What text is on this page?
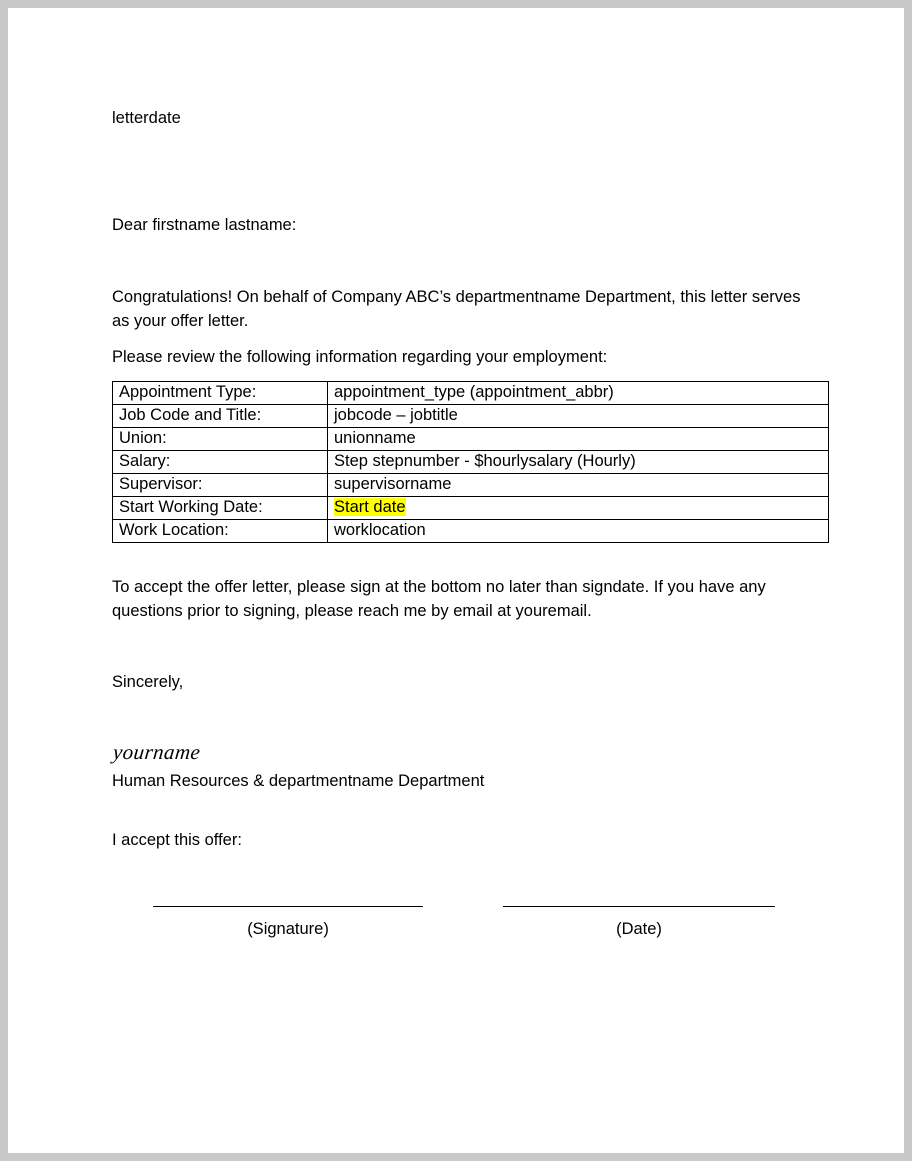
letterdate

Dear firstname lastname:

Congratulations! On behalf of Company ABC’s departmentname Department, this letter serves as your offer letter.

Please review the following information regarding your employment:

Appointment Type:	appointment_type (appointment_abbr)
Job Code and Title:	jobcode – jobtitle
Union:	unionname
Salary:	Step stepnumber - $hourlysalary (Hourly)
Supervisor:	supervisorname
Start Working Date:	Start date
Work Location:	worklocation

To accept the offer letter, please sign at the bottom no later than signdate. If you have any questions prior to signing, please reach me by email at youremail.

Sincerely,

yourname

Human Resources & departmentname Department

I accept this offer:

(Signature)	(Date)
